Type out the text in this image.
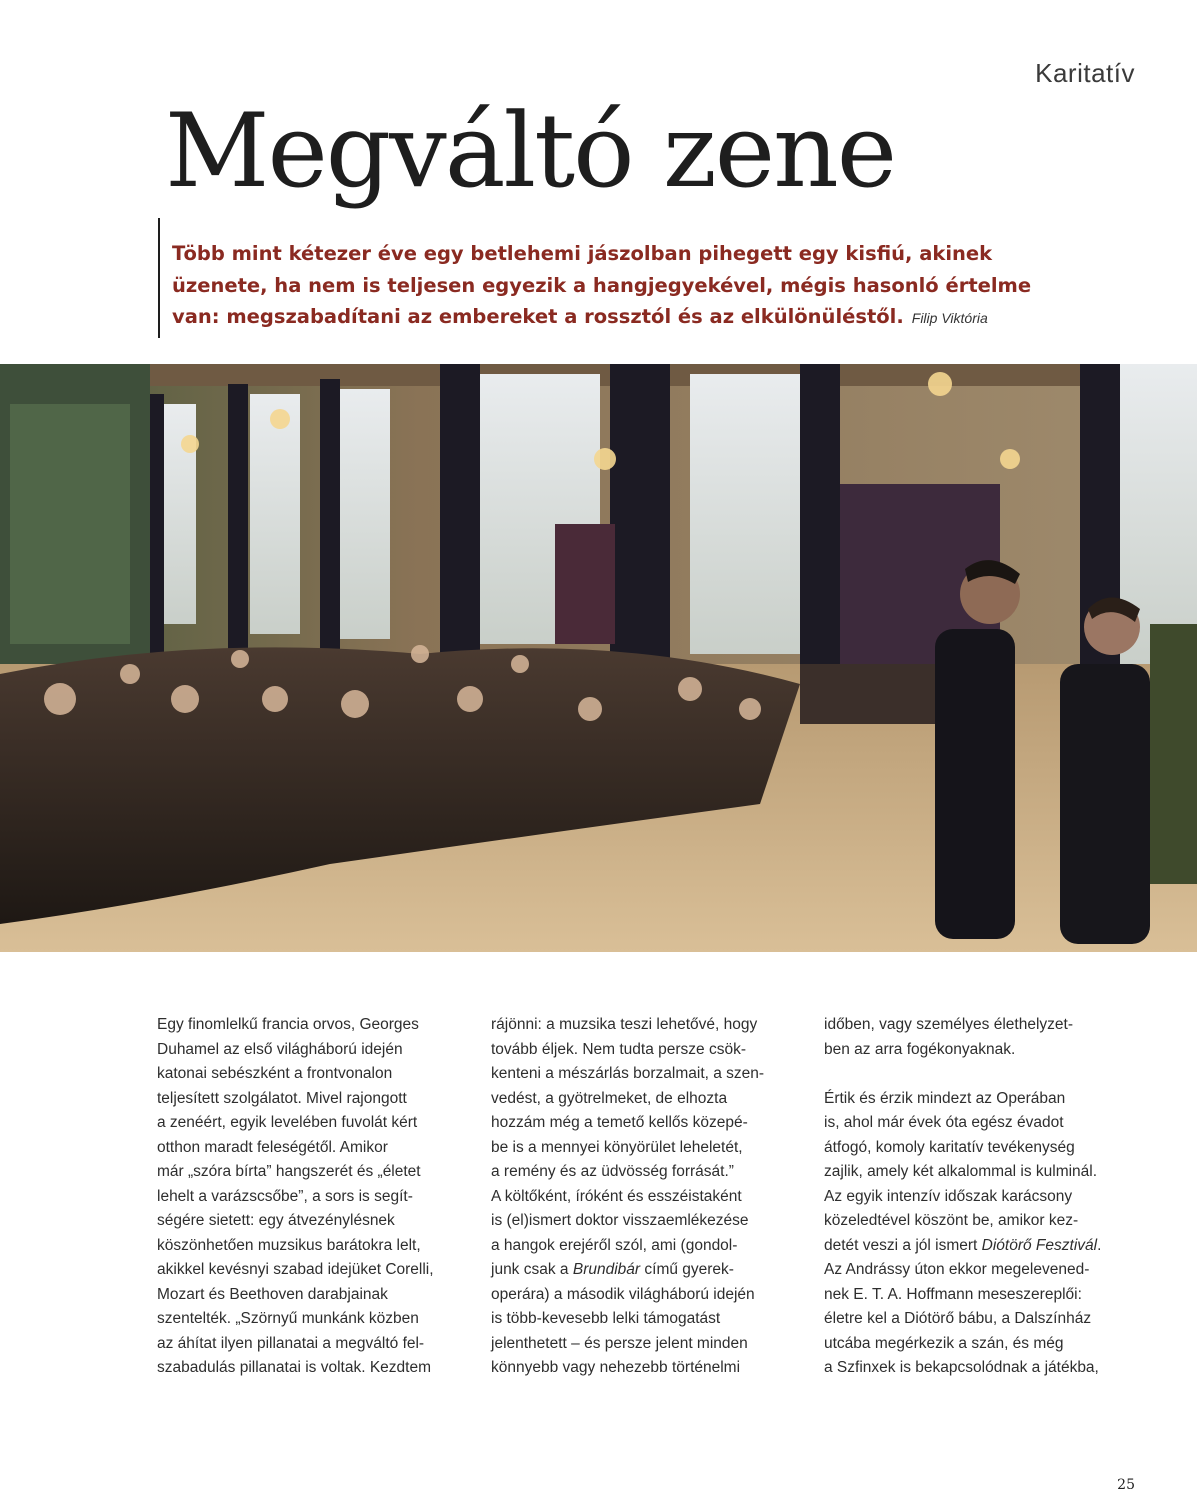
Karitatív
Megváltó zene

Több mint kétezer éve egy betlehemi jászolban pihegett egy kisfiú, akinek üzenete, ha nem is teljesen egyezik a hangjegyekével, mégis hasonló értelme van: megszabadítani az embereket a rossztól és az elkülönüléstől. Filip Viktória

Egy finomlelkű francia orvos, Georges
Duhamel az első világháború idején
katonai sebészként a frontvonalon
teljesített szolgálatot. Mivel rajongott
a zenéért, egyik levelében fuvolát kért
otthon maradt feleségétől. Amikor
már „szóra bírta” hangszerét és „életet
lehelt a varázscsőbe”, a sors is segít-
ségére sietett: egy átvezénylésnek
köszönhetően muzsikus barátokra lelt,
akikkel kevésnyi szabad idejüket Corelli,
Mozart és Beethoven darabjainak
szentelték. „Szörnyű munkánk közben
az áhítat ilyen pillanatai a megváltó fel-
szabadulás pillanatai is voltak. Kezdtem
rájönni: a muzsika teszi lehetővé, hogy
tovább éljek. Nem tudta persze csök-
kenteni a mészárlás borzalmait, a szen-
vedést, a gyötrelmeket, de elhozta
hozzám még a temető kellős közepé-
be is a mennyei könyörület leheletét,
a remény és az üdvösség forrását.”
A költőként, íróként és esszéistaként
is (el)ismert doktor visszaemlékezése
a hangok erejéről szól, ami (gondol-
junk csak a Brundibár című gyerek-
operára) a második világháború idején
is több-kevesebb lelki támogatást
jelenthetett – és persze jelent minden
könnyebb vagy nehezebb történelmi
időben, vagy személyes élethelyzet-
ben az arra fogékonyaknak.
Értik és érzik mindezt az Operában
is, ahol már évek óta egész évadot
átfogó, komoly karitatív tevékenység
zajlik, amely két alkalommal is kulminál.
Az egyik intenzív időszak karácsony
közeledtével köszönt be, amikor kez-
detét veszi a jól ismert Diótörő Fesztivál.
Az Andrássy úton ekkor megelevened-
nek E. T. A. Hoffmann meseszereplői:
életre kel a Diótörő bábu, a Dalszínház
utcába megérkezik a szán, és még
a Szfinxek is bekapcsolódnak a játékba,
25
